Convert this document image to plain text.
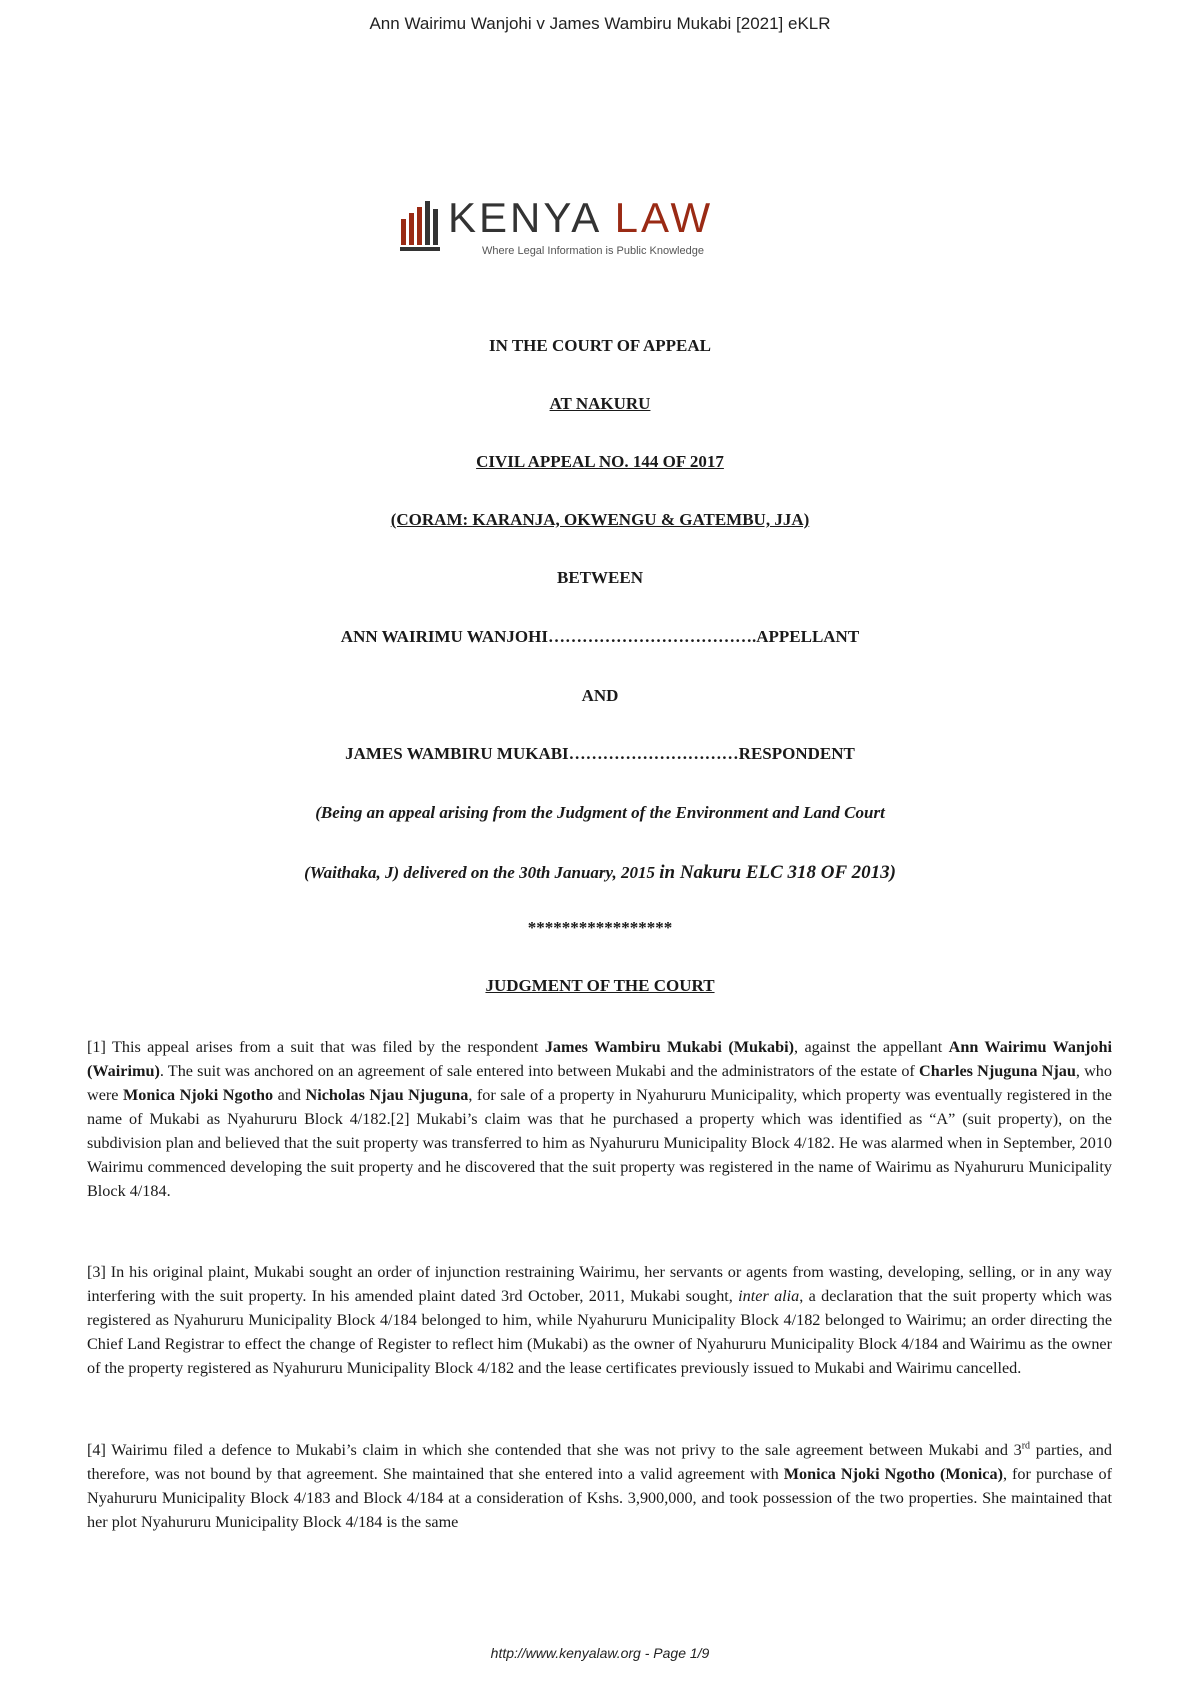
Ann Wairimu Wanjohi v James Wambiru Mukabi [2021] eKLR
KENYA LAW
Where Legal Information is Public Knowledge
IN THE COURT OF APPEAL
AT NAKURU
CIVIL APPEAL NO. 144 OF 2017
(CORAM: KARANJA, OKWENGU & GATEMBU, JJA)
BETWEEN
ANN WAIRIMU WANJOHI……………………………….APPELLANT
AND
JAMES WAMBIRU MUKABI…………………………RESPONDENT
(Being an appeal arising from the Judgment of the Environment and Land Court
(Waithaka, J) delivered on the 30th January, 2015 in Nakuru ELC 318 OF 2013)
*****************
JUDGMENT OF THE COURT
[1] This appeal arises from a suit that was filed by the respondent James Wambiru Mukabi (Mukabi), against the appellant Ann Wairimu Wanjohi (Wairimu). The suit was anchored on an agreement of sale entered into between Mukabi and the administrators of the estate of Charles Njuguna Njau, who were Monica Njoki Ngotho and Nicholas Njau Njuguna, for sale of a property in Nyahururu Municipality, which property was eventually registered in the name of Mukabi as Nyahururu Block 4/182.[2] Mukabi’s claim was that he purchased a property which was identified as “A” (suit property), on the subdivision plan and believed that the suit property was transferred to him as Nyahururu Municipality Block 4/182. He was alarmed when in September, 2010 Wairimu commenced developing the suit property and he discovered that the suit property was registered in the name of Wairimu as Nyahururu Municipality Block 4/184.
[3] In his original plaint, Mukabi sought an order of injunction restraining Wairimu, her servants or agents from wasting, developing, selling, or in any way interfering with the suit property. In his amended plaint dated 3rd October, 2011, Mukabi sought, inter alia, a declaration that the suit property which was registered as Nyahururu Municipality Block 4/184 belonged to him, while Nyahururu Municipality Block 4/182 belonged to Wairimu; an order directing the Chief Land Registrar to effect the change of Register to reflect him (Mukabi) as the owner of Nyahururu Municipality Block 4/184 and Wairimu as the owner of the property registered as Nyahururu Municipality Block 4/182 and the lease certificates previously issued to Mukabi and Wairimu cancelled.
[4] Wairimu filed a defence to Mukabi’s claim in which she contended that she was not privy to the sale agreement between Mukabi and 3rd parties, and therefore, was not bound by that agreement. She maintained that she entered into a valid agreement with Monica Njoki Ngotho (Monica), for purchase of Nyahururu Municipality Block 4/183 and Block 4/184 at a consideration of Kshs. 3,900,000, and took possession of the two properties. She maintained that her plot Nyahururu Municipality Block 4/184 is the same
http://www.kenyalaw.org - Page 1/9
